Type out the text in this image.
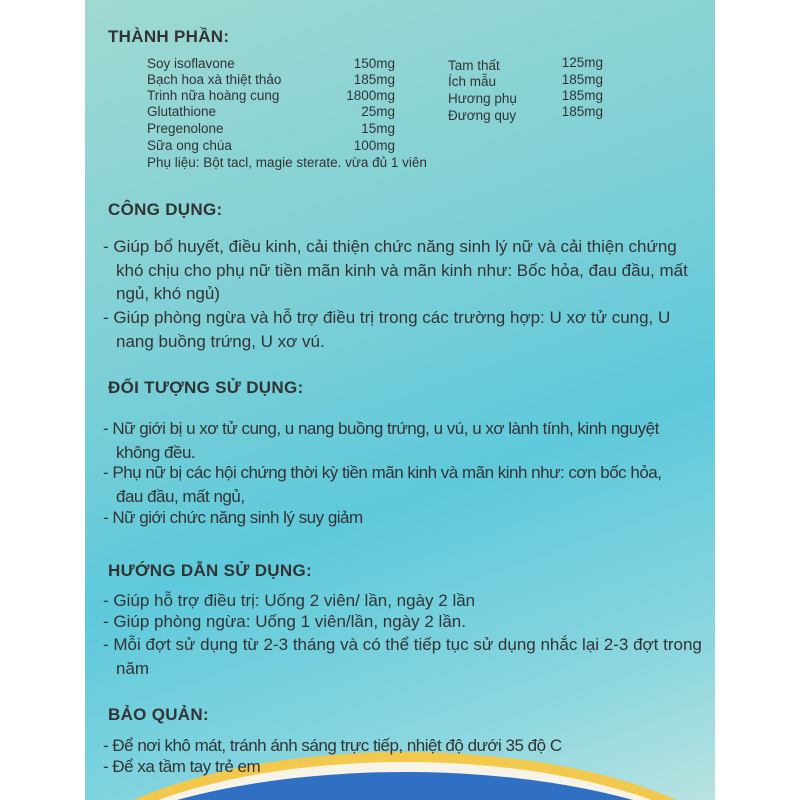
THÀNH PHẦN:
Soy isoflavone	150mg
Bạch hoa xà thiệt thảo	185mg
Trinh nữa hoàng cung	1800mg
Glutathione	25mg
Pregenolone	15mg
Sữa ong chúa	100mg
Tam thất	125mg
Ích mẫu	185mg
Hương phụ	185mg
Đương quy	185mg
Phụ liệu: Bột tacl, magie sterate. vừa đủ 1 viên
CÔNG DỤNG:
- Giúp bổ huyết, điều kinh, cải thiện chức năng sinh lý nữ và cải thiện chứng khó chịu cho phụ nữ tiền mãn kinh và mãn kinh như: Bốc hỏa, đau đầu, mất ngủ, khó ngủ)
- Giúp phòng ngừa và hỗ trợ điều trị trong các trường hợp: U xơ tử cung, U nang buồng trứng, U xơ vú.
ĐỐI TƯỢNG SỬ DỤNG:
- Nữ giới bị u xơ tử cung, u nang buồng trứng, u vú, u xơ lành tính, kinh nguyệt không đều.
- Phụ nữ bị các hội chứng thời kỳ tiền mãn kinh và mãn kinh như: cơn bốc hỏa, đau đầu, mất ngủ,
- Nữ giới chức năng sinh lý suy giảm
HƯỚNG DẪN SỬ DỤNG:
- Giúp hỗ trợ điều trị: Uống 2 viên/ lần, ngày 2 lần
- Giúp phòng ngừa: Uống 1 viên/lần, ngày 2 lần.
- Mỗi đợt sử dụng từ 2-3 tháng và có thể tiếp tục sử dụng nhắc lại 2-3 đợt trong năm
BẢO QUẢN:
- Để nơi khô mát, tránh ánh sáng trực tiếp, nhiệt độ dưới 35 độ C
- Để xa tầm tay trẻ em
